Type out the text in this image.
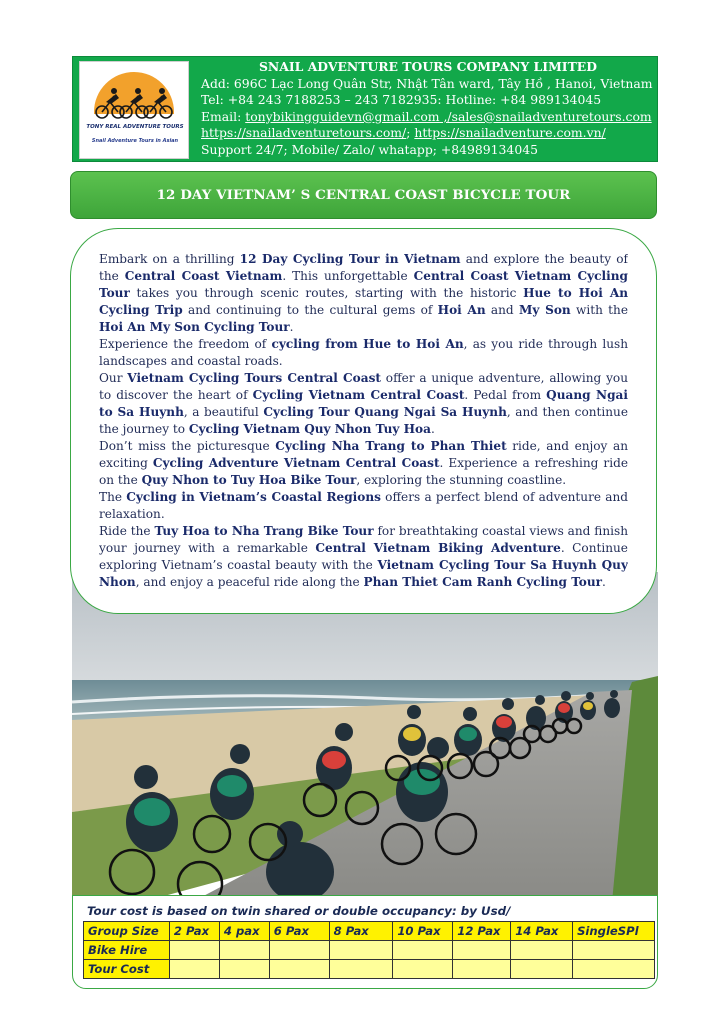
TONY REAL ADVENTURE TOURS
Snail Adventure Tours in Asian
SNAIL ADVENTURE TOURS COMPANY LIMITED
Add: 696C Lạc Long Quân Str, Nhật Tân ward, Tây Hồ , Hanoi, Vietnam
Tel: +84 243 7188253 – 243 7182935: Hotline: +84 989134045
Email: tonybikingguidevn@gmail.com ,/sales@snailadventuretours.com
https://snailadventuretours.com/; https://snailadventure.com.vn/
Support 24/7; Mobile/ Zalo/ whatapp; +84989134045
12 DAY VIETNAM’ S CENTRAL COAST BICYCLE TOUR
Embark on a thrilling 12 Day Cycling Tour in Vietnam and explore the beauty of the Central Coast Vietnam. This unforgettable Central Coast Vietnam Cycling Tour takes you through scenic routes, starting with the historic Hue to Hoi An Cycling Trip and continuing to the cultural gems of Hoi An and My Son with the Hoi An My Son Cycling Tour.
Experience the freedom of cycling from Hue to Hoi An, as you ride through lush landscapes and coastal roads.
Our Vietnam Cycling Tours Central Coast offer a unique adventure, allowing you to discover the heart of Cycling Vietnam Central Coast. Pedal from Quang Ngai to Sa Huynh, a beautiful Cycling Tour Quang Ngai Sa Huynh, and then continue the journey to Cycling Vietnam Quy Nhon Tuy Hoa.
Don’t miss the picturesque Cycling Nha Trang to Phan Thiet ride, and enjoy an exciting Cycling Adventure Vietnam Central Coast. Experience a refreshing ride on the Quy Nhon to Tuy Hoa Bike Tour, exploring the stunning coastline.
The Cycling in Vietnam’s Coastal Regions offers a perfect blend of adventure and relaxation.
Ride the Tuy Hoa to Nha Trang Bike Tour for breathtaking coastal views and finish your journey with a remarkable Central Vietnam Biking Adventure. Continue exploring Vietnam’s coastal beauty with the Vietnam Cycling Tour Sa Huynh Quy Nhon, and enjoy a peaceful ride along the Phan Thiet Cam Ranh Cycling Tour.
Tour cost is based on twin shared or double occupancy: by Usd/
Group Size	2 Pax	4 pax	6 Pax	8 Pax	10 Pax	12 Pax	14 Pax	SingleSPl
Bike Hire								
Tour Cost								
